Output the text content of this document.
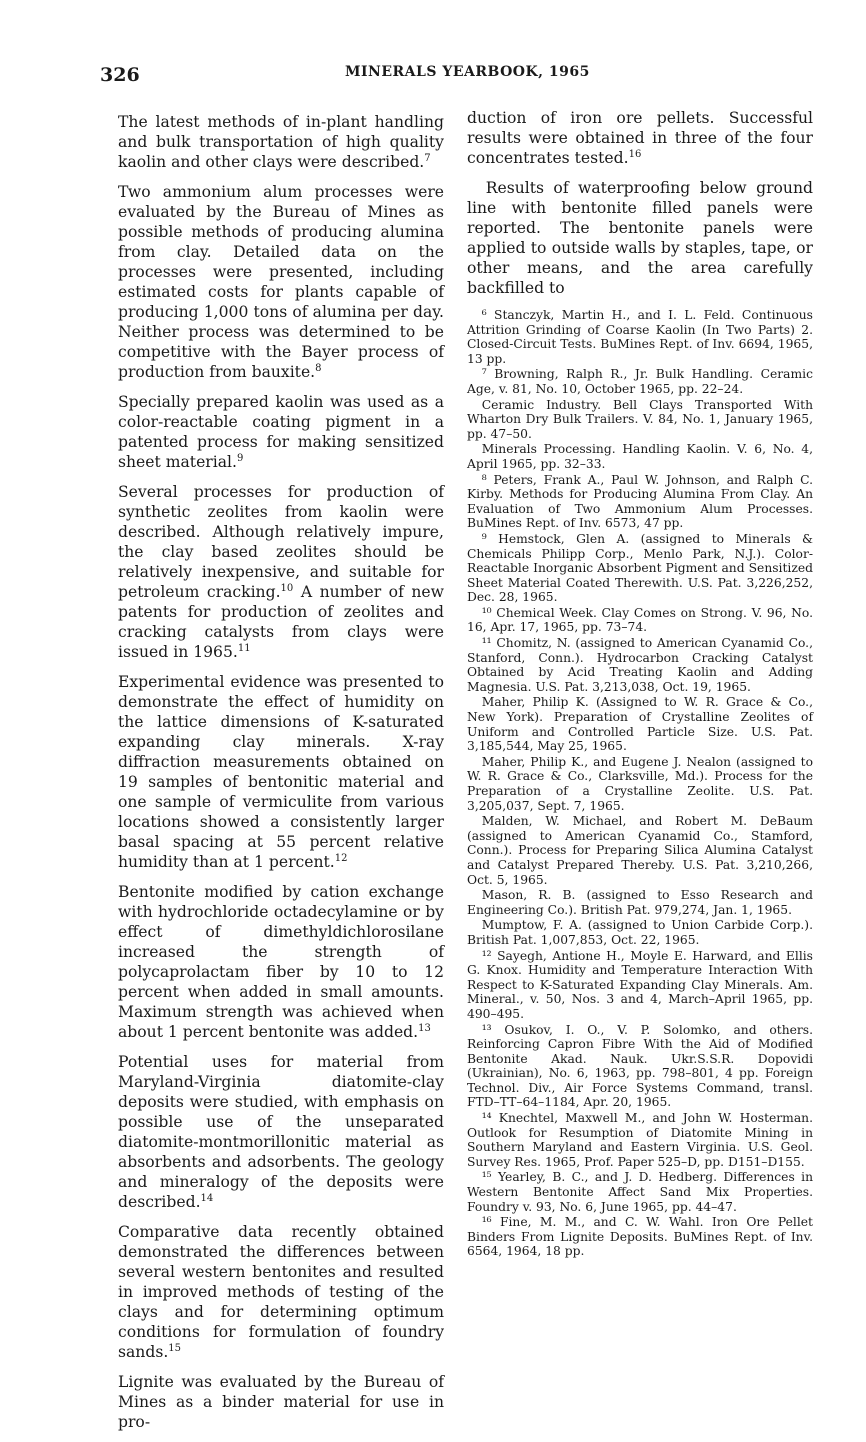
326	MINERALS YEARBOOK, 1965

The latest methods of in-plant handling and bulk transportation of high quality kaolin and other clays were described.$^7$

Two ammonium alum processes were evaluated by the Bureau of Mines as possible methods of producing alumina from clay. Detailed data on the processes were presented, including estimated costs for plants capable of producing 1,000 tons of alumina per day. Neither process was determined to be competitive with the Bayer process of production from bauxite.$^8$

Specially prepared kaolin was used as a color-reactable coating pigment in a patented process for making sensitized sheet material.$^9$

Several processes for production of synthetic zeolites from kaolin were described. Although relatively impure, the clay based zeolites should be relatively inexpensive, and suitable for petroleum cracking.$^{10}$ A number of new patents for production of zeolites and cracking catalysts from clays were issued in 1965.11

Experimental evidence was presented to demonstrate the effect of humidity on the lattice dimensions of K-saturated expanding clay minerals. X-ray diffraction measurements obtained on 19 samples of bentonitic material and one sample of vermiculite from various locations showed a consistently larger basal spacing at 55 percent relative humidity than at 1 percent.$^{12}$

Bentonite modified by cation exchange with hydrochloride octadecylamine or by effect of dimethyldichlorosilane increased the strength of polycaprolactam fiber by 10 to 12 percent when added in small amounts. Maximum strength was achieved when about 1 percent bentonite was added.$^{13}$

Potential uses for material from Maryland-Virginia diatomite-clay deposits were studied, with emphasis on possible use of the unseparated diatomite-montmorillonitic material as absorbents and adsorbents. The geology and mineralogy of the deposits were described.$^{14}$

Comparative data recently obtained demonstrated the differences between several western bentonites and resulted in improved methods of testing of the clays and for determining optimum conditions for formulation of foundry sands.$^{15}$

Lignite was evaluated by the Bureau of Mines as a binder material for use in pro-

duction of iron ore pellets. Successful results were obtained in three of the four concentrates tested.$^{16}$

Results of waterproofing below ground line with bentonite filled panels were reported. The bentonite panels were applied to outside walls by staples, tape, or other means, and the area carefully backfilled to

⁶ Stanczyk, Martin H., and I. L. Feld. Continuous Attrition Grinding of Coarse Kaolin (In Two Parts) 2. Closed-Circuit Tests. BuMines Rept. of Inv. 6694, 1965, 13 pp.

⁷ Browning, Ralph R., Jr. Bulk Handling. Ceramic Age, v. 81, No. 10, October 1965, pp. 22–24.

Ceramic Industry. Bell Clays Transported With Wharton Dry Bulk Trailers. V. 84, No. 1, January 1965, pp. 47–50.

Minerals Processing. Handling Kaolin. V. 6, No. 4, April 1965, pp. 32–33.

⁸ Peters, Frank A., Paul W. Johnson, and Ralph C. Kirby. Methods for Producing Alumina From Clay. An Evaluation of Two Ammonium Alum Processes. BuMines Rept. of Inv. 6573, 47 pp.

⁹ Hemstock, Glen A. (assigned to Minerals & Chemicals Philipp Corp., Menlo Park, N.J.). Color-Reactable Inorganic Absorbent Pigment and Sensitized Sheet Material Coated Therewith. U.S. Pat. 3,226,252, Dec. 28, 1965.

¹⁰ Chemical Week. Clay Comes on Strong. V. 96, No. 16, Apr. 17, 1965, pp. 73–74.

¹¹ Chomitz, N. (assigned to American Cyanamid Co., Stanford, Conn.). Hydrocarbon Cracking Catalyst Obtained by Acid Treating Kaolin and Adding Magnesia. U.S. Pat. 3,213,038, Oct. 19, 1965.

Maher, Philip K. (Assigned to W. R. Grace & Co., New York). Preparation of Crystalline Zeolites of Uniform and Controlled Particle Size. U.S. Pat. 3,185,544, May 25, 1965.

Maher, Philip K., and Eugene J. Nealon (assigned to W. R. Grace & Co., Clarksville, Md.). Process for the Preparation of a Crystalline Zeolite. U.S. Pat. 3,205,037, Sept. 7, 1965.

Malden, W. Michael, and Robert M. DeBaum (assigned to American Cyanamid Co., Stamford, Conn.). Process for Preparing Silica Alumina Catalyst and Catalyst Prepared Thereby. U.S. Pat. 3,210,266, Oct. 5, 1965.

Mason, R. B. (assigned to Esso Research and Engineering Co.). British Pat. 979,274, Jan. 1, 1965.

Mumptow, F. A. (assigned to Union Carbide Corp.). British Pat. 1,007,853, Oct. 22, 1965.

¹² Sayegh, Antione H., Moyle E. Harward, and Ellis G. Knox. Humidity and Temperature Interaction With Respect to K-Saturated Expanding Clay Minerals. Am. Mineral., v. 50, Nos. 3 and 4, March–April 1965, pp. 490–495.

¹³ Osukov, I. O., V. P. Solomko, and others. Reinforcing Capron Fibre With the Aid of Modified Bentonite Akad. Nauk. Ukr.S.S.R. Dopovidi (Ukrainian), No. 6, 1963, pp. 798–801, 4 pp. Foreign Technol. Div., Air Force Systems Command, transl. FTD–TT–64–1184, Apr. 20, 1965.

¹⁴ Knechtel, Maxwell M., and John W. Hosterman. Outlook for Resumption of Diatomite Mining in Southern Maryland and Eastern Virginia. U.S. Geol. Survey Res. 1965, Prof. Paper 525–D, pp. D151–D155.

¹⁵ Yearley, B. C., and J. D. Hedberg. Differences in Western Bentonite Affect Sand Mix Properties. Foundry v. 93, No. 6, June 1965, pp. 44–47.

¹⁶ Fine, M. M., and C. W. Wahl. Iron Ore Pellet Binders From Lignite Deposits. BuMines Rept. of Inv. 6564, 1964, 18 pp.
